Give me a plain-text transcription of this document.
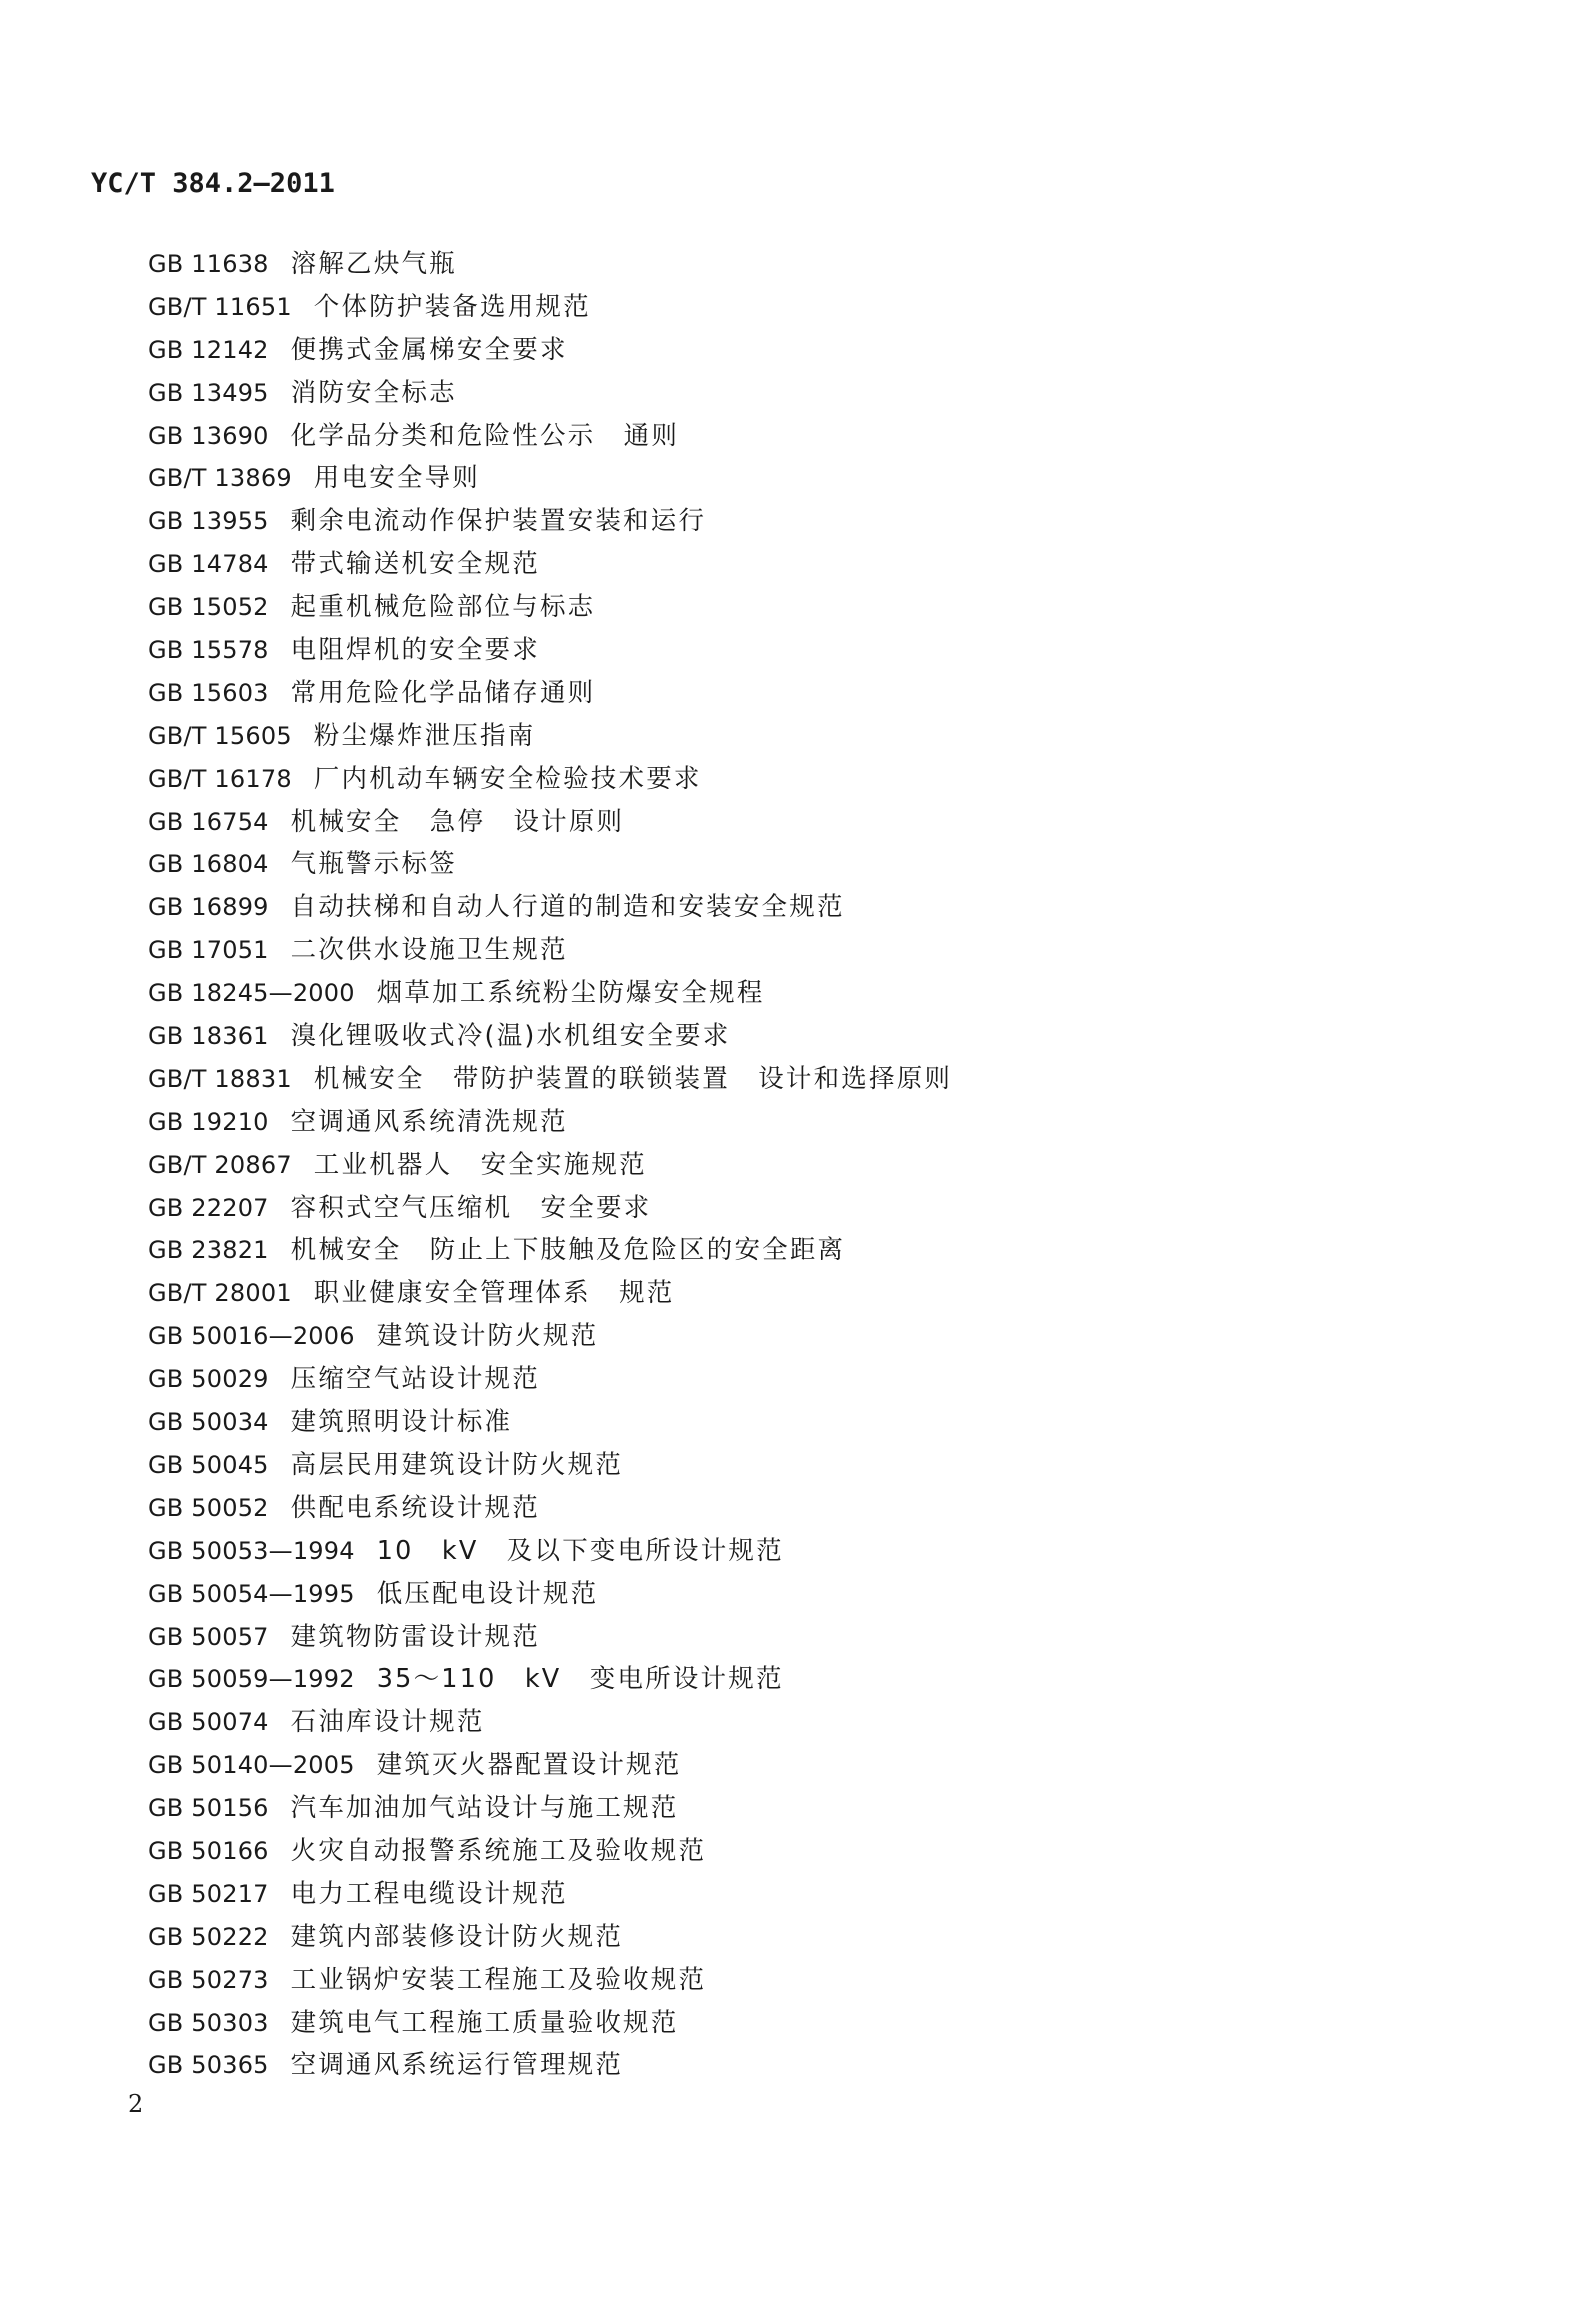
YC/T 384.2—2011
GB 11638 溶解乙炔气瓶
GB/T 11651 个体防护装备选用规范
GB 12142 便携式金属梯安全要求
GB 13495 消防安全标志
GB 13690 化学品分类和危险性公示 通则
GB/T 13869 用电安全导则
GB 13955 剩余电流动作保护装置安装和运行
GB 14784 带式输送机安全规范
GB 15052 起重机械危险部位与标志
GB 15578 电阻焊机的安全要求
GB 15603 常用危险化学品储存通则
GB/T 15605 粉尘爆炸泄压指南
GB/T 16178 厂内机动车辆安全检验技术要求
GB 16754 机械安全 急停 设计原则
GB 16804 气瓶警示标签
GB 16899 自动扶梯和自动人行道的制造和安装安全规范
GB 17051 二次供水设施卫生规范
GB 18245—2000 烟草加工系统粉尘防爆安全规程
GB 18361 溴化锂吸收式冷(温)水机组安全要求
GB/T 18831 机械安全 带防护装置的联锁装置 设计和选择原则
GB 19210 空调通风系统清洗规范
GB/T 20867 工业机器人 安全实施规范
GB 22207 容积式空气压缩机 安全要求
GB 23821 机械安全 防止上下肢触及危险区的安全距离
GB/T 28001 职业健康安全管理体系 规范
GB 50016—2006 建筑设计防火规范
GB 50029 压缩空气站设计规范
GB 50034 建筑照明设计标准
GB 50045 高层民用建筑设计防火规范
GB 50052 供配电系统设计规范
GB 50053—1994 10 kV 及以下变电所设计规范
GB 50054—1995 低压配电设计规范
GB 50057 建筑物防雷设计规范
GB 50059—1992 35～110 kV 变电所设计规范
GB 50074 石油库设计规范
GB 50140—2005 建筑灭火器配置设计规范
GB 50156 汽车加油加气站设计与施工规范
GB 50166 火灾自动报警系统施工及验收规范
GB 50217 电力工程电缆设计规范
GB 50222 建筑内部装修设计防火规范
GB 50273 工业锅炉安装工程施工及验收规范
GB 50303 建筑电气工程施工质量验收规范
GB 50365 空调通风系统运行管理规范
2
